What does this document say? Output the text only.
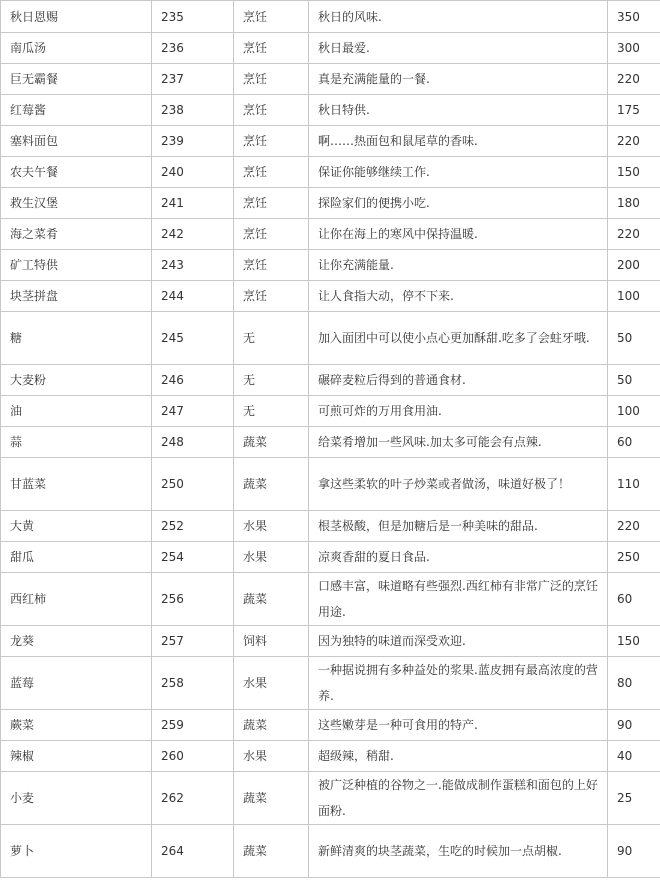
秋日恩赐	235	烹饪	秋日的风味.	350
南瓜汤	236	烹饪	秋日最爱.	300
巨无霸餐	237	烹饪	真是充满能量的一餐.	220
红莓酱	238	烹饪	秋日特供.	175
塞料面包	239	烹饪	啊……热面包和鼠尾草的香味.	220
农夫午餐	240	烹饪	保证你能够继续工作.	150
救生汉堡	241	烹饪	探险家们的便携小吃.	180
海之菜肴	242	烹饪	让你在海上的寒风中保持温暖.	220
矿工特供	243	烹饪	让你充满能量.	200
块茎拼盘	244	烹饪	让人食指大动，停不下来.	100
糖	245	无	加入面团中可以使小点心更加酥甜.吃多了会蛀牙哦.	50
大麦粉	246	无	碾碎麦粒后得到的普通食材.	50
油	247	无	可煎可炸的万用食用油.	100
蒜	248	蔬菜	给菜肴增加一些风味.加太多可能会有点辣.	60
甘蓝菜	250	蔬菜	拿这些柔软的叶子炒菜或者做汤，味道好极了！	110
大黄	252	水果	根茎极酸，但是加糖后是一种美味的甜品.	220
甜瓜	254	水果	凉爽香甜的夏日食品.	250
西红柿	256	蔬菜	口感丰富，味道略有些强烈.西红柿有非常广泛的烹饪用途.	60
龙葵	257	饲料	因为独特的味道而深受欢迎.	150
蓝莓	258	水果	一种据说拥有多种益处的浆果.蓝皮拥有最高浓度的营养.	80
蕨菜	259	蔬菜	这些嫩芽是一种可食用的特产.	90
辣椒	260	水果	超级辣，稍甜.	40
小麦	262	蔬菜	被广泛种植的谷物之一.能做成制作蛋糕和面包的上好面粉.	25
萝卜	264	蔬菜	新鲜清爽的块茎蔬菜，生吃的时候加一点胡椒.	90
